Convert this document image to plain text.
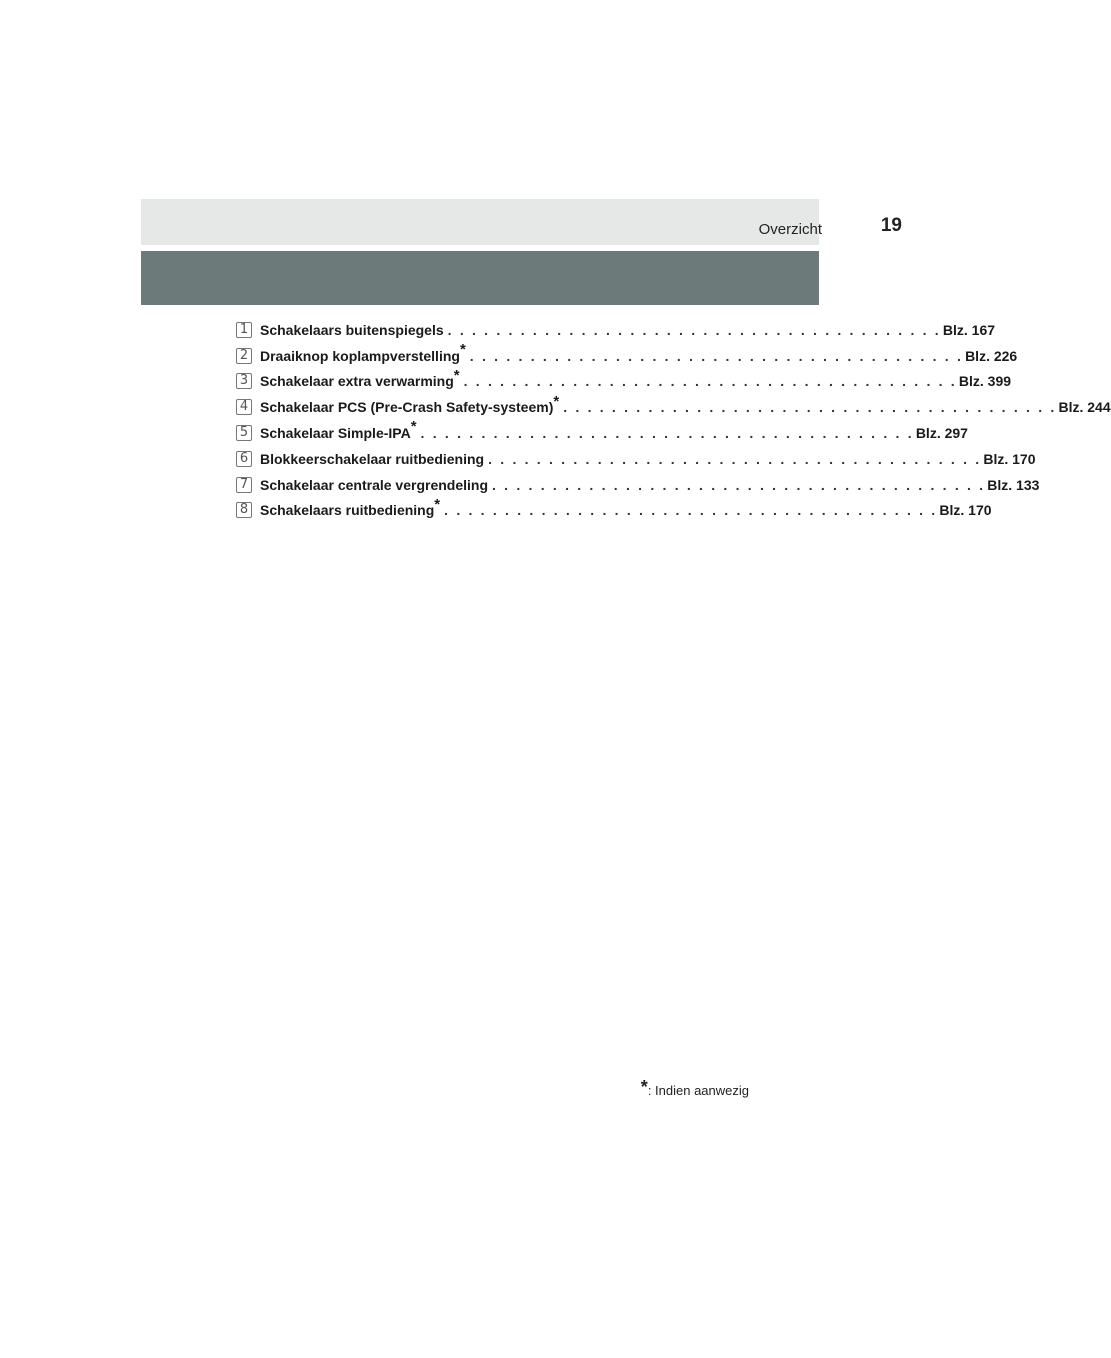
Overzicht	19
1 Schakelaars buitenspiegels . . . . . . . . . . . . . . . . . . . . . . . . . . . . . . . . . . . . . . . . . Blz. 167
2 Draaiknop koplampverstelling* . . . . . . . . . . . . . . . . . . . . . . . . . . . . . . . . . . . . . . . . . Blz. 226
3 Schakelaar extra verwarming* . . . . . . . . . . . . . . . . . . . . . . . . . . . . . . . . . . . . . . . . . Blz. 399
4 Schakelaar PCS (Pre-Crash Safety-systeem)* . . . . . . . . . . . . . . . . . . . . . . . . . . . . . . . . . . . . . . . . . Blz. 244
5 Schakelaar Simple-IPA* . . . . . . . . . . . . . . . . . . . . . . . . . . . . . . . . . . . . . . . . . Blz. 297
6 Blokkeerschakelaar ruitbediening . . . . . . . . . . . . . . . . . . . . . . . . . . . . . . . . . . . . . . . . . Blz. 170
7 Schakelaar centrale vergrendeling . . . . . . . . . . . . . . . . . . . . . . . . . . . . . . . . . . . . . . . . . Blz. 133
8 Schakelaars ruitbediening* . . . . . . . . . . . . . . . . . . . . . . . . . . . . . . . . . . . . . . . . . Blz. 170
*: Indien aanwezig
